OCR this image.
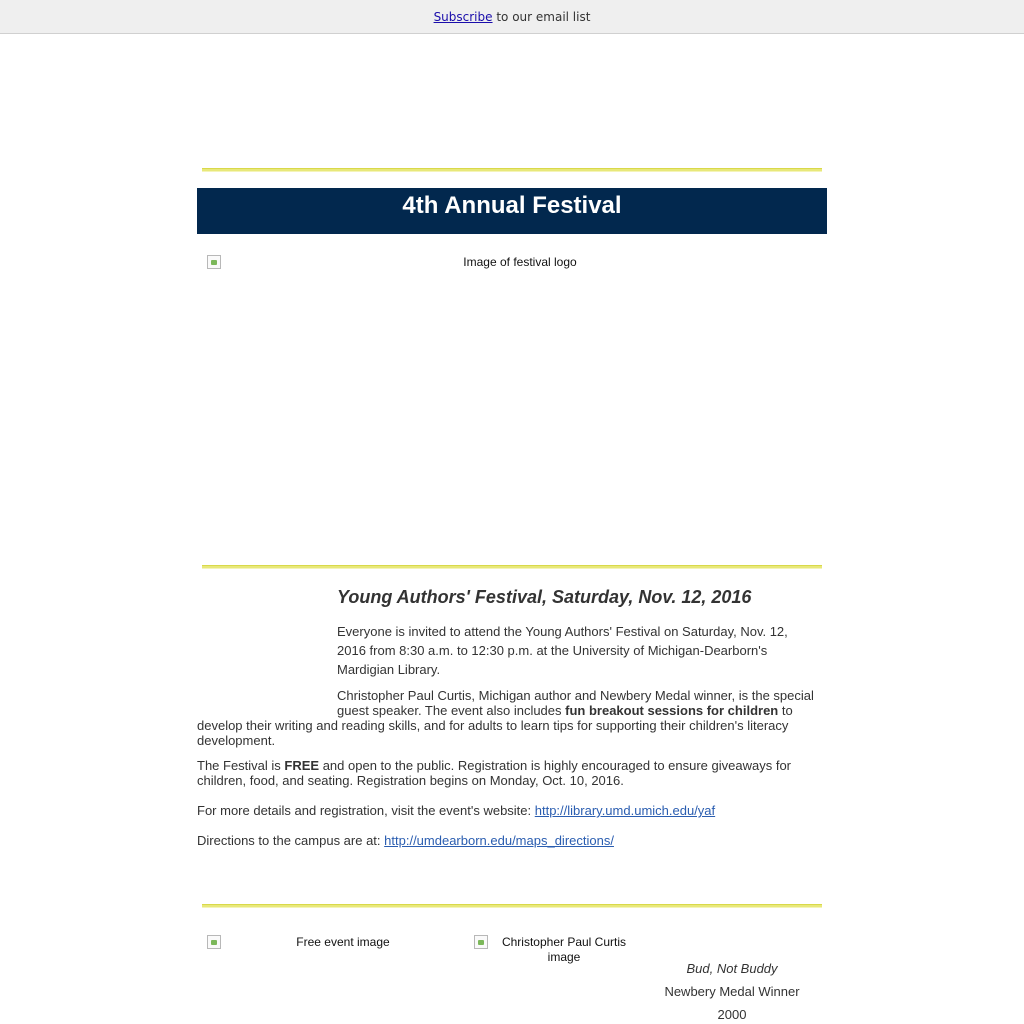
Subscribe to our email list
4th Annual Festival
Image of festival logo
Young Authors' Festival, Saturday, Nov. 12, 2016
Everyone is invited to attend the Young Authors' Festival on Saturday, Nov. 12, 2016 from 8:30 a.m. to 12:30 p.m. at the University of Michigan-Dearborn's Mardigian Library.
Christopher Paul Curtis, Michigan author and Newbery Medal winner, is the special guest speaker. The event also includes fun breakout sessions for children to develop their writing and reading skills, and for adults to learn tips for supporting their children's literacy development.
The Festival is FREE and open to the public. Registration is highly encouraged to ensure giveaways for children, food, and seating. Registration begins on Monday, Oct. 10, 2016.
For more details and registration, visit the event's website: http://library.umd.umich.edu/yaf
Directions to the campus are at: http://umdearborn.edu/maps_directions/
Free event image	Christopher Paul Curtis image
Bud, Not Buddy
Newbery Medal Winner
2000
